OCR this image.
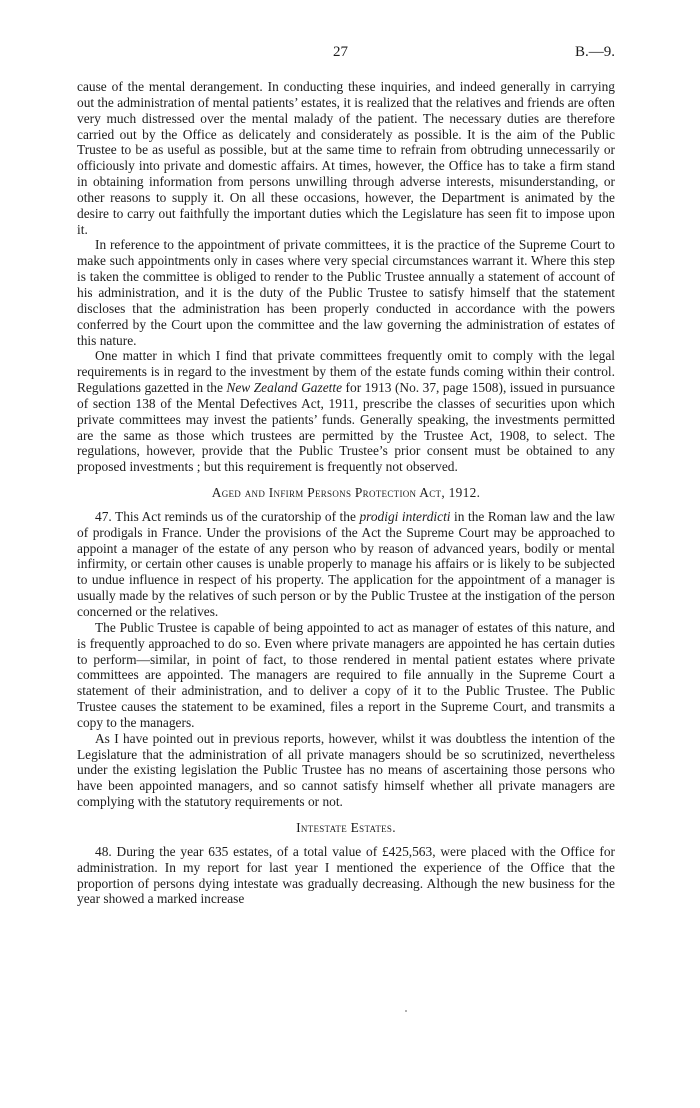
27	B.—9.

cause of the mental derangement. In conducting these inquiries, and indeed generally in carrying out the administration of mental patients’ estates, it is realized that the relatives and friends are often very much distressed over the mental malady of the patient. The necessary duties are therefore carried out by the Office as delicately and considerately as possible. It is the aim of the Public Trustee to be as useful as possible, but at the same time to refrain from obtruding unnecessarily or officiously into private and domestic affairs. At times, however, the Office has to take a firm stand in obtaining information from persons unwilling through adverse interests, misunderstanding, or other reasons to supply it. On all these occasions, however, the Department is animated by the desire to carry out faithfully the important duties which the Legislature has seen fit to impose upon it.

In reference to the appointment of private committees, it is the practice of the Supreme Court to make such appointments only in cases where very special circumstances warrant it. Where this step is taken the committee is obliged to render to the Public Trustee annually a statement of account of his administration, and it is the duty of the Public Trustee to satisfy himself that the statement discloses that the administration has been properly conducted in accordance with the powers conferred by the Court upon the committee and the law governing the administration of estates of this nature.

One matter in which I find that private committees frequently omit to comply with the legal requirements is in regard to the investment by them of the estate funds coming within their control. Regulations gazetted in the New Zealand Gazette for 1913 (No. 37, page 1508), issued in pursuance of section 138 of the Mental Defectives Act, 1911, prescribe the classes of securities upon which private committees may invest the patients’ funds. Generally speaking, the investments permitted are the same as those which trustees are permitted by the Trustee Act, 1908, to select. The regulations, however, provide that the Public Trustee’s prior consent must be obtained to any proposed investments ; but this requirement is frequently not observed.

Aged and Infirm Persons Protection Act, 1912.

47. This Act reminds us of the curatorship of the prodigi interdicti in the Roman law and the law of prodigals in France. Under the provisions of the Act the Supreme Court may be approached to appoint a manager of the estate of any person who by reason of advanced years, bodily or mental infirmity, or certain other causes is unable properly to manage his affairs or is likely to be subjected to undue influence in respect of his property. The application for the appointment of a manager is usually made by the relatives of such person or by the Public Trustee at the instigation of the person concerned or the relatives.

The Public Trustee is capable of being appointed to act as manager of estates of this nature, and is frequently approached to do so. Even where private managers are appointed he has certain duties to perform—similar, in point of fact, to those rendered in mental patient estates where private committees are appointed. The managers are required to file annually in the Supreme Court a statement of their administration, and to deliver a copy of it to the Public Trustee. The Public Trustee causes the statement to be examined, files a report in the Supreme Court, and transmits a copy to the managers.

As I have pointed out in previous reports, however, whilst it was doubtless the intention of the Legislature that the administration of all private managers should be so scrutinized, nevertheless under the existing legislation the Public Trustee has no means of ascertaining those persons who have been appointed managers, and so cannot satisfy himself whether all private managers are complying with the statutory requirements or not.

Intestate Estates.

48. During the year 635 estates, of a total value of £425,563, were placed with the Office for administration. In my report for last year I mentioned the experience of the Office that the proportion of persons dying intestate was gradually decreasing. Although the new business for the year showed a marked increase
